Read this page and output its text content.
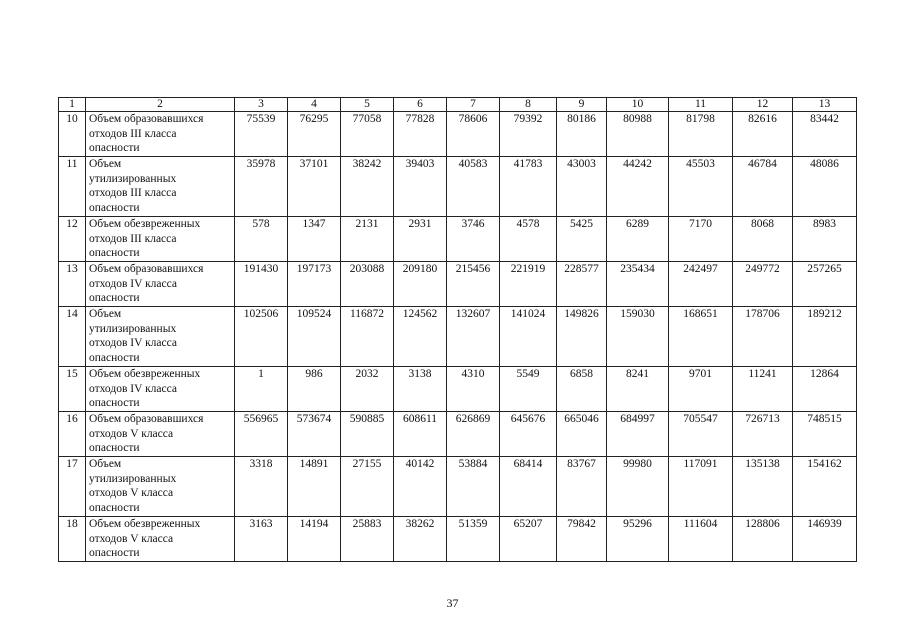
1	2	3	4	5	6	7	8	9	10	11	12	13
10	Объем образовавшихся
отходов III класса
опасности	75539	76295	77058	77828	78606	79392	80186	80988	81798	82616	83442
11	Объем
утилизированных
отходов III класса
опасности	35978	37101	38242	39403	40583	41783	43003	44242	45503	46784	48086
12	Объем обезвреженных
отходов III класса
опасности	578	1347	2131	2931	3746	4578	5425	6289	7170	8068	8983
13	Объем образовавшихся
отходов IV класса
опасности	191430	197173	203088	209180	215456	221919	228577	235434	242497	249772	257265
14	Объем
утилизированных
отходов IV класса
опасности	102506	109524	116872	124562	132607	141024	149826	159030	168651	178706	189212
15	Объем обезвреженных
отходов IV класса
опасности	1	986	2032	3138	4310	5549	6858	8241	9701	11241	12864
16	Объем образовавшихся
отходов V класса
опасности	556965	573674	590885	608611	626869	645676	665046	684997	705547	726713	748515
17	Объем
утилизированных
отходов V класса
опасности	3318	14891	27155	40142	53884	68414	83767	99980	117091	135138	154162
18	Объем обезвреженных
отходов V класса
опасности	3163	14194	25883	38262	51359	65207	79842	95296	111604	128806	146939
37
